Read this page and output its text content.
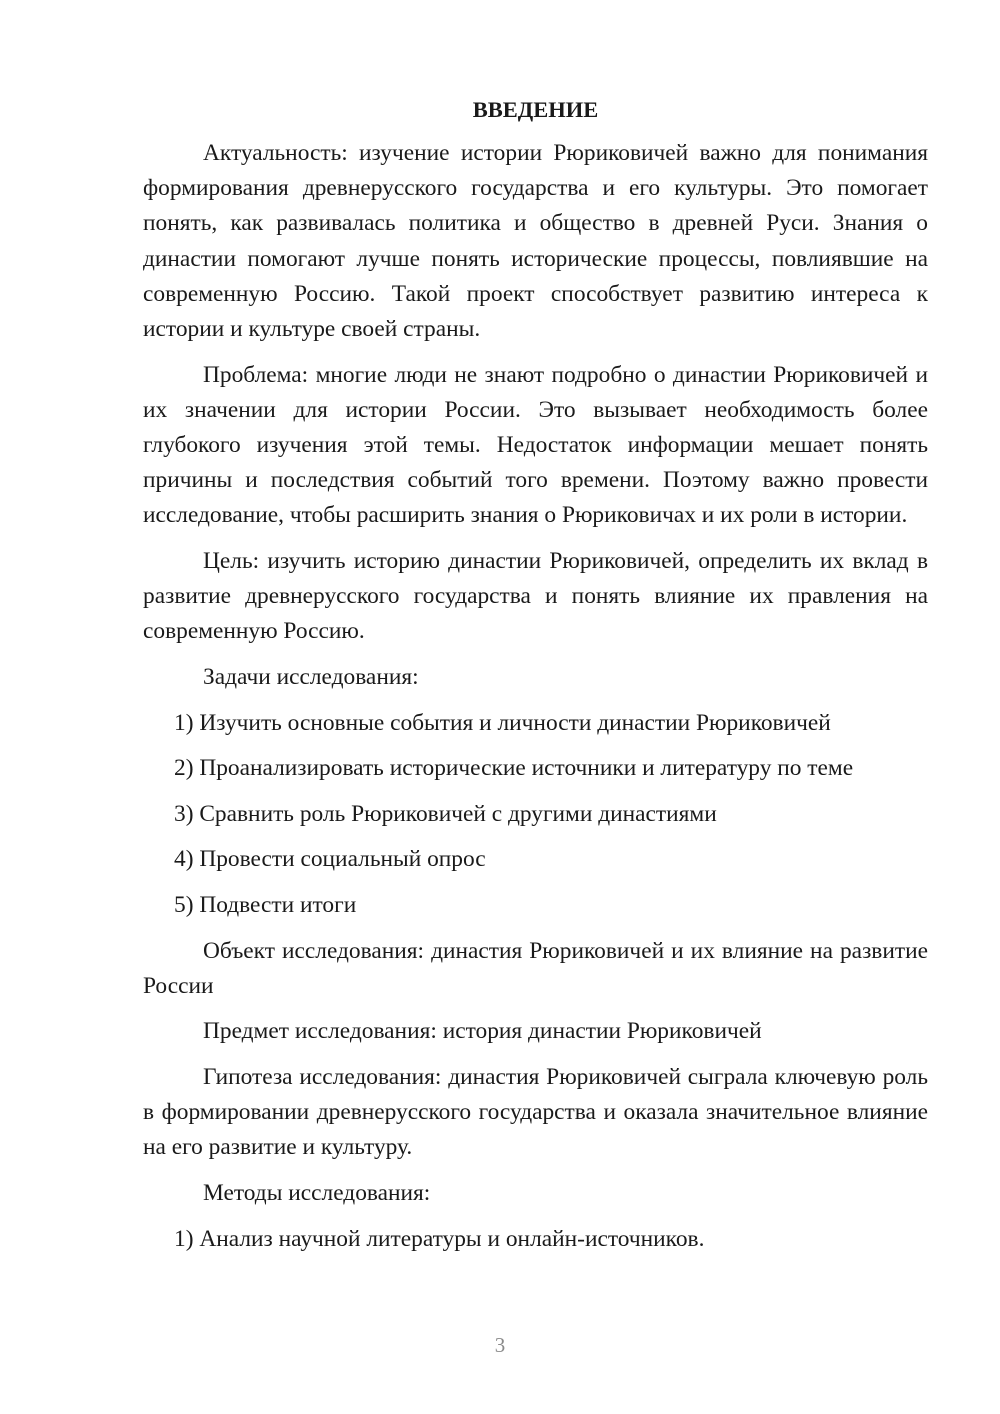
ВВЕДЕНИЕ

Актуальность: изучение истории Рюриковичей важно для понимания формирования древнерусского государства и его культуры. Это помогает понять, как развивалась политика и общество в древней Руси. Знания о династии помогают лучше понять исторические процессы, повлиявшие на современную Россию. Такой проект способствует развитию интереса к истории и культуре своей страны.

Проблема: многие люди не знают подробно о династии Рюриковичей и их значении для истории России. Это вызывает необходимость более глубокого изучения этой темы. Недостаток информации мешает понять причины и последствия событий того времени. Поэтому важно провести исследование, чтобы расширить знания о Рюриковичах и их роли в истории.

Цель: изучить историю династии Рюриковичей, определить их вклад в развитие древнерусского государства и понять влияние их правления на современную Россию.

Задачи исследования:

1) Изучить основные события и личности династии Рюриковичей

2) Проанализировать исторические источники и литературу по теме

3) Сравнить роль Рюриковичей с другими династиями

4) Провести социальный опрос

5) Подвести итоги

Объект исследования: династия Рюриковичей и их влияние на развитие России

Предмет исследования: история династии Рюриковичей

Гипотеза исследования: династия Рюриковичей сыграла ключевую роль в формировании древнерусского государства и оказала значительное влияние на его развитие и культуру.

Методы исследования:

1) Анализ научной литературы и онлайн-источников.

3
